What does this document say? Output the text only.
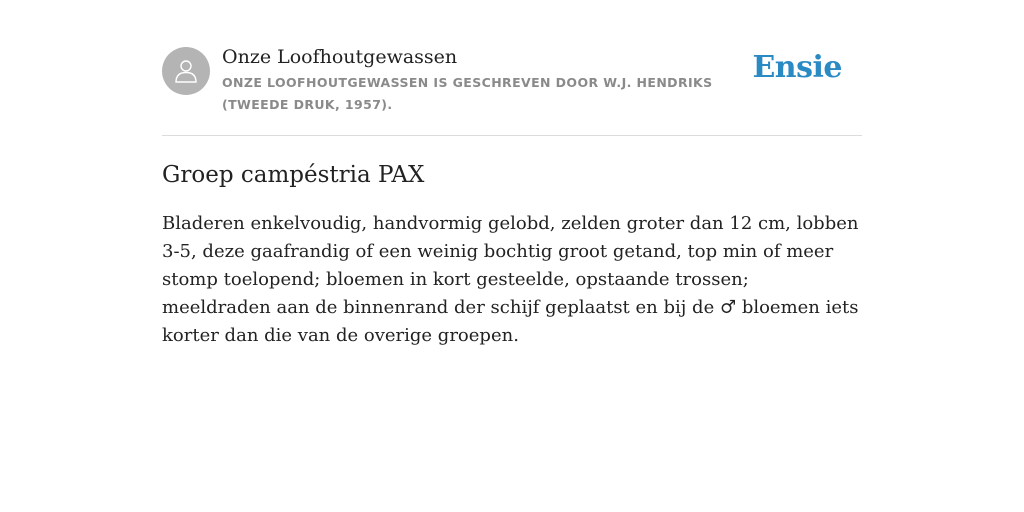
Onze Loofhoutgewassen
ONZE LOOFHOUTGEWASSEN IS GESCHREVEN DOOR W.J. HENDRIKS (TWEEDE DRUK, 1957).
Ensie
Groep campéstria PAX

Bladeren enkelvoudig, handvormig gelobd, zelden groter dan 12 cm, lobben 3-5, deze gaafrandig of een weinig bochtig groot getand, top min of meer stomp toelopend; bloemen in kort gesteelde, opstaande trossen; meeldraden aan de binnenrand der schijf geplaatst en bij de ♂ bloemen iets korter dan die van de overige groepen.
